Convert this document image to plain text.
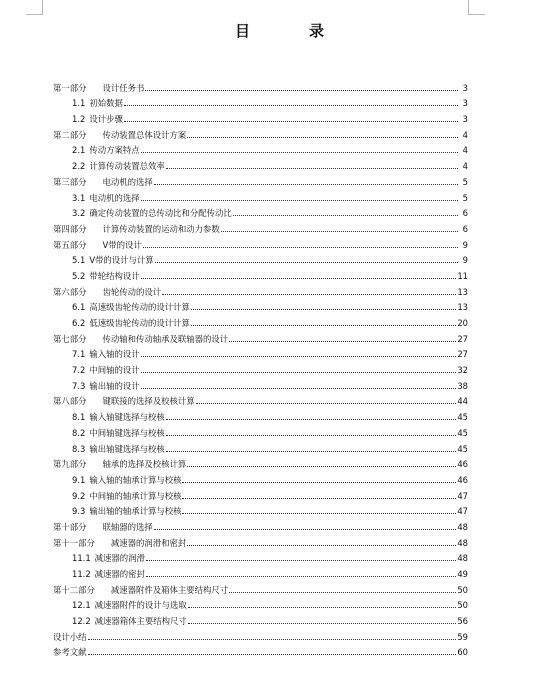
目　录
第一部分 设计任务书	3
1.1 初始数据	3
1.2 设计步骤	3
第二部分 传动装置总体设计方案	4
2.1 传动方案特点	4
2.2 计算传动装置总效率	4
第三部分 电动机的选择	5
3.1 电动机的选择	5
3.2 确定传动装置的总传动比和分配传动比	6
第四部分 计算传动装置的运动和动力参数	6
第五部分 V带的设计	9
5.1 V带的设计与计算	9
5.2 带轮结构设计	11
第六部分 齿轮传动的设计	13
6.1 高速级齿轮传动的设计计算	13
6.2 低速级齿轮传动的设计计算	20
第七部分 传动轴和传动轴承及联轴器的设计	27
7.1 输入轴的设计	27
7.2 中间轴的设计	32
7.3 输出轴的设计	38
第八部分 键联接的选择及校核计算	44
8.1 输入轴键选择与校核	45
8.2 中间轴键选择与校核	45
8.3 输出轴键选择与校核	45
第九部分 轴承的选择及校核计算	46
9.1 输入轴的轴承计算与校核	46
9.2 中间轴的轴承计算与校核	47
9.3 输出轴的轴承计算与校核	47
第十部分 联轴器的选择	48
第十一部分 减速器的润滑和密封	48
11.1 减速器的润滑	48
11.2 减速器的密封	49
第十二部分 减速器附件及箱体主要结构尺寸	50
12.1 减速器附件的设计与选取	50
12.2 减速器箱体主要结构尺寸	56
设计小结	59
参考文献	60
